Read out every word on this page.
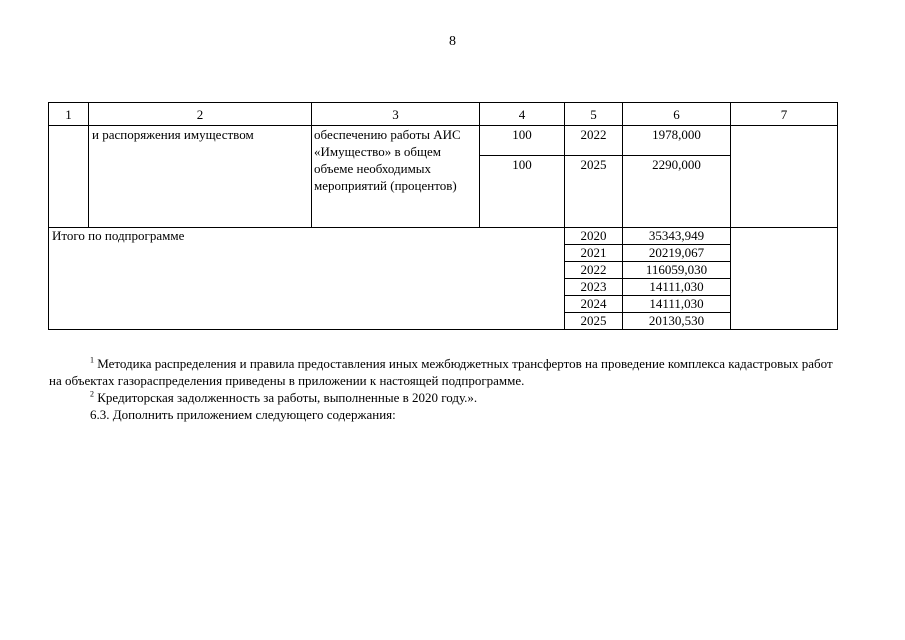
8
1	2	3	4	5	6	7
	и распоряжения имуществом	обеспечению работы АИС «Имущество» в общем объеме необходимых мероприятий (процентов)	100	2022	1978,000	
			100	2025	2290,000	
Итого по подпрограмме				2020	35343,949	
				2021	20219,067	
				2022	116059,030	
				2023	14111,030	
				2024	14111,030	
				2025	20130,530	

$^1$ Методика распределения и правила предоставления иных межбюджетных трансфертов на проведение комплекса кадастровых работ на объектах газораспределения приведены в приложении к настоящей подпрограмме.

$^2$ Кредиторская задолженность за работы, выполненные в 2020 году.».

6.3. Дополнить приложением следующего содержания:
